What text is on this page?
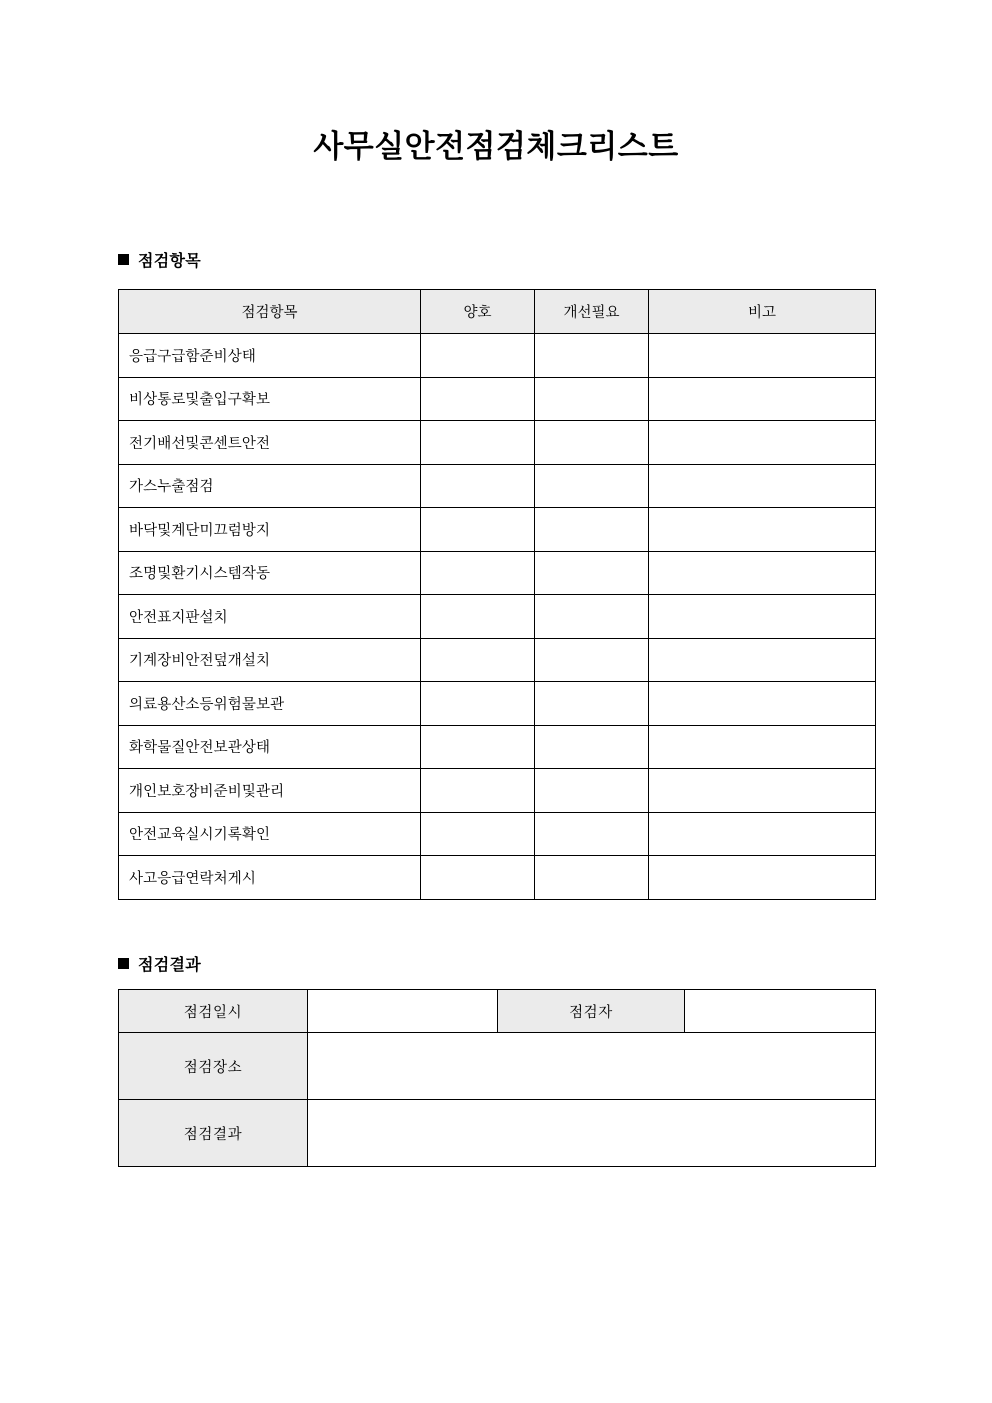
사무실안전점검체크리스트
점검항목
점검항목	양호	개선필요	비고
응급구급함준비상태			
비상통로및출입구확보			
전기배선및콘센트안전			
가스누출점검			
바닥및계단미끄럼방지			
조명및환기시스템작동			
안전표지판설치			
기계장비안전덮개설치			
의료용산소등위험물보관			
화학물질안전보관상태			
개인보호장비준비및관리			
안전교육실시기록확인			
사고응급연락처게시			
점검결과
점검일시		점검자	
점검장소			
점검결과			
